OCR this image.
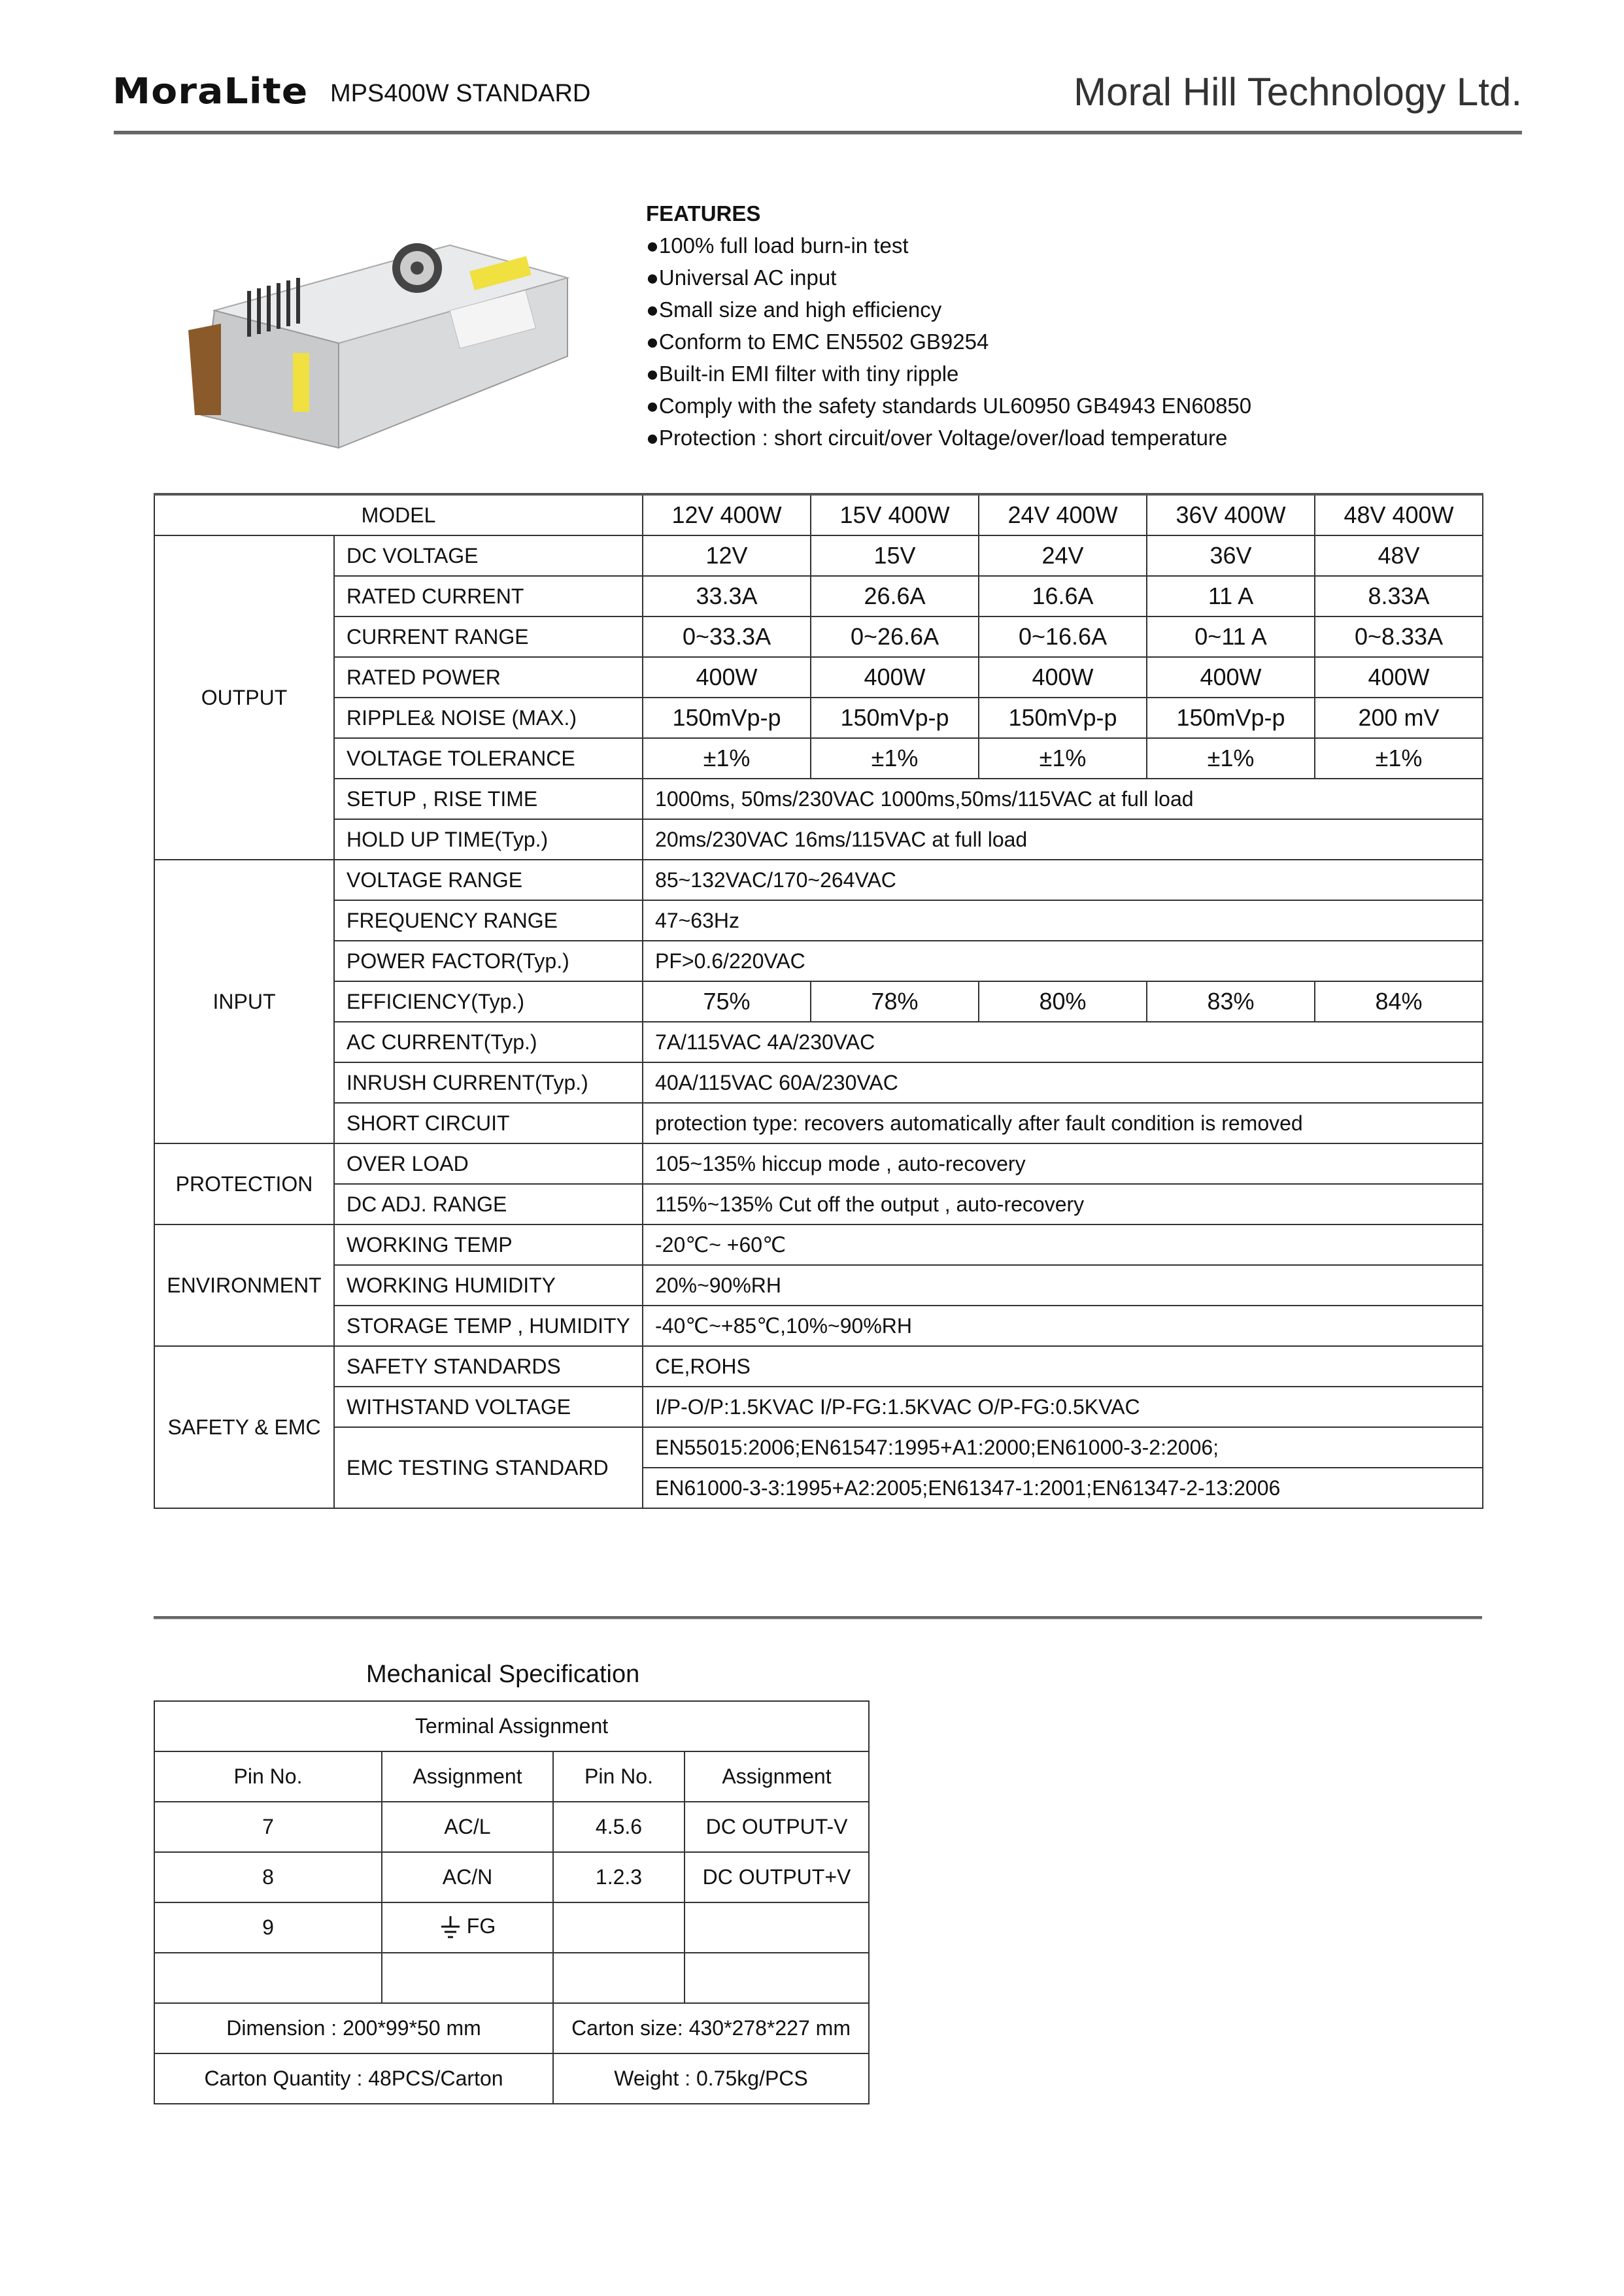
MoraLite MPS400W STANDARD	Moral Hill Technology Ltd.
FEATURES
●100% full load burn-in test
●Universal AC input
●Small size and high efficiency
●Conform to EMC EN5502 GB9254
●Built-in EMI filter with tiny ripple
●Comply with the safety standards UL60950 GB4943 EN60850
●Protection : short circuit/over Voltage/over/load temperature
MODEL		12V 400W	15V 400W	24V 400W	36V 400W	48V 400W
OUTPUT	DC VOLTAGE	12V	15V	24V	36V	48V
	RATED CURRENT	33.3A	26.6A	16.6A	11 A	8.33A
	CURRENT RANGE	0~33.3A	0~26.6A	0~16.6A	0~11 A	0~8.33A
	RATED POWER	400W	400W	400W	400W	400W
	RIPPLE& NOISE (MAX.)	150mVp-p	150mVp-p	150mVp-p	150mVp-p	200 mV
	VOLTAGE TOLERANCE	±1%	±1%	±1%	±1%	±1%
	SETUP , RISE TIME	1000ms, 50ms/230VAC 1000ms,50ms/115VAC at full load				
	HOLD UP TIME(Typ.)	20ms/230VAC 16ms/115VAC at full load				
INPUT	VOLTAGE RANGE	85~132VAC/170~264VAC				
	FREQUENCY RANGE	47~63Hz				
	POWER FACTOR(Typ.)	PF>0.6/220VAC				
	EFFICIENCY(Typ.)	75%	78%	80%	83%	84%
	AC CURRENT(Typ.)	7A/115VAC 4A/230VAC				
	INRUSH CURRENT(Typ.)	40A/115VAC 60A/230VAC				
	SHORT CIRCUIT	protection type: recovers automatically after fault condition is removed				
PROTECTION	OVER LOAD	105~135% hiccup mode , auto-recovery				
	DC ADJ. RANGE	115%~135% Cut off the output , auto-recovery				
ENVIRONMENT	WORKING TEMP	-20℃~ +60℃				
	WORKING HUMIDITY	20%~90%RH				
	STORAGE TEMP , HUMIDITY	-40℃~+85℃,10%~90%RH				
SAFETY & EMC	SAFETY STANDARDS	CE,ROHS				
	WITHSTAND VOLTAGE	I/P-O/P:1.5KVAC I/P-FG:1.5KVAC O/P-FG:0.5KVAC				
	EMC TESTING STANDARD	EN55015:2006;EN61547:1995+A1:2000;EN61000-3-2:2006;				
		EN61000-3-3:1995+A2:2005;EN61347-1:2001;EN61347-2-13:2006				
Mechanical Specification
Terminal Assignment			
Pin No.	Assignment	Pin No.	Assignment
7	AC/L	4.5.6	DC OUTPUT-V
8	AC/N	1.2.3	DC OUTPUT+V
9	FG		

Dimension : 200*99*50 mm		Carton size: 430*278*227 mm	
Carton Quantity : 48PCS/Carton		Weight : 0.75kg/PCS	
